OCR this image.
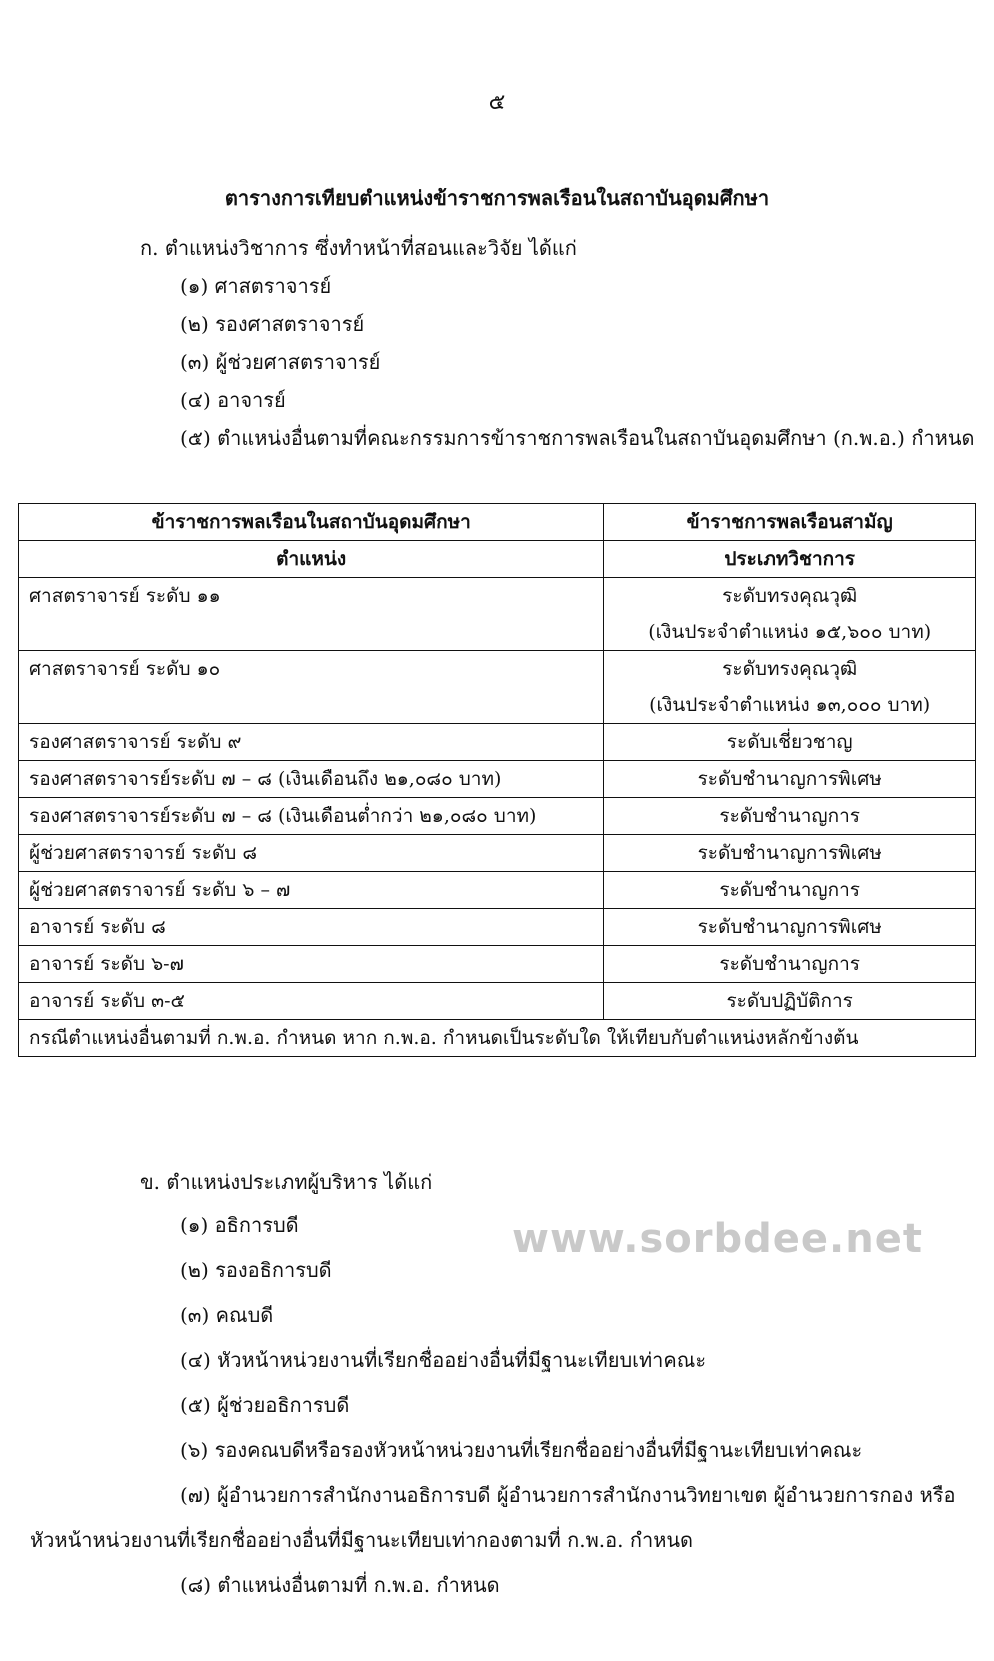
๕
ตารางการเทียบตำแหน่งข้าราชการพลเรือนในสถาบันอุดมศึกษา
ก. ตำแหน่งวิชาการ ซึ่งทำหน้าที่สอนและวิจัย ได้แก่
(๑) ศาสตราจารย์
(๒) รองศาสตราจารย์
(๓) ผู้ช่วยศาสตราจารย์
(๔) อาจารย์
(๕) ตำแหน่งอื่นตามที่คณะกรรมการข้าราชการพลเรือนในสถาบันอุดมศึกษา (ก.พ.อ.) กำหนด
ข้าราชการพลเรือนในสถาบันอุดมศึกษา	ข้าราชการพลเรือนสามัญ
ตำแหน่ง	ประเภทวิชาการ
ศาสตราจารย์ ระดับ ๑๑	ระดับทรงคุณวุฒิ
(เงินประจำตำแหน่ง ๑๕,๖๐๐ บาท)

ศาสตราจารย์ ระดับ ๑๐	ระดับทรงคุณวุฒิ
(เงินประจำตำแหน่ง ๑๓,๐๐๐ บาท)

รองศาสตราจารย์ ระดับ ๙	ระดับเชี่ยวชาญ
รองศาสตราจารย์ระดับ ๗ – ๘ (เงินเดือนถึง ๒๑,๐๘๐ บาท)	ระดับชำนาญการพิเศษ
รองศาสตราจารย์ระดับ ๗ – ๘ (เงินเดือนต่ำกว่า ๒๑,๐๘๐ บาท)	ระดับชำนาญการ
ผู้ช่วยศาสตราจารย์ ระดับ ๘	ระดับชำนาญการพิเศษ
ผู้ช่วยศาสตราจารย์ ระดับ ๖ – ๗	ระดับชำนาญการ
อาจารย์ ระดับ ๘	ระดับชำนาญการพิเศษ
อาจารย์ ระดับ ๖-๗	ระดับชำนาญการ
อาจารย์ ระดับ ๓-๕	ระดับปฏิบัติการ
กรณีตำแหน่งอื่นตามที่ ก.พ.อ. กำหนด หาก ก.พ.อ. กำหนดเป็นระดับใด ให้เทียบกับตำแหน่งหลักข้างต้น	
ข. ตำแหน่งประเภทผู้บริหาร ได้แก่
(๑) อธิการบดี
(๒) รองอธิการบดี
(๓) คณบดี
(๔) หัวหน้าหน่วยงานที่เรียกชื่ออย่างอื่นที่มีฐานะเทียบเท่าคณะ
(๕) ผู้ช่วยอธิการบดี
(๖) รองคณบดีหรือรองหัวหน้าหน่วยงานที่เรียกชื่ออย่างอื่นที่มีฐานะเทียบเท่าคณะ
(๗) ผู้อำนวยการสำนักงานอธิการบดี ผู้อำนวยการสำนักงานวิทยาเขต ผู้อำนวยการกอง หรือ
หัวหน้าหน่วยงานที่เรียกชื่ออย่างอื่นที่มีฐานะเทียบเท่ากองตามที่ ก.พ.อ. กำหนด
(๘) ตำแหน่งอื่นตามที่ ก.พ.อ. กำหนด
www.sorbdee.net
